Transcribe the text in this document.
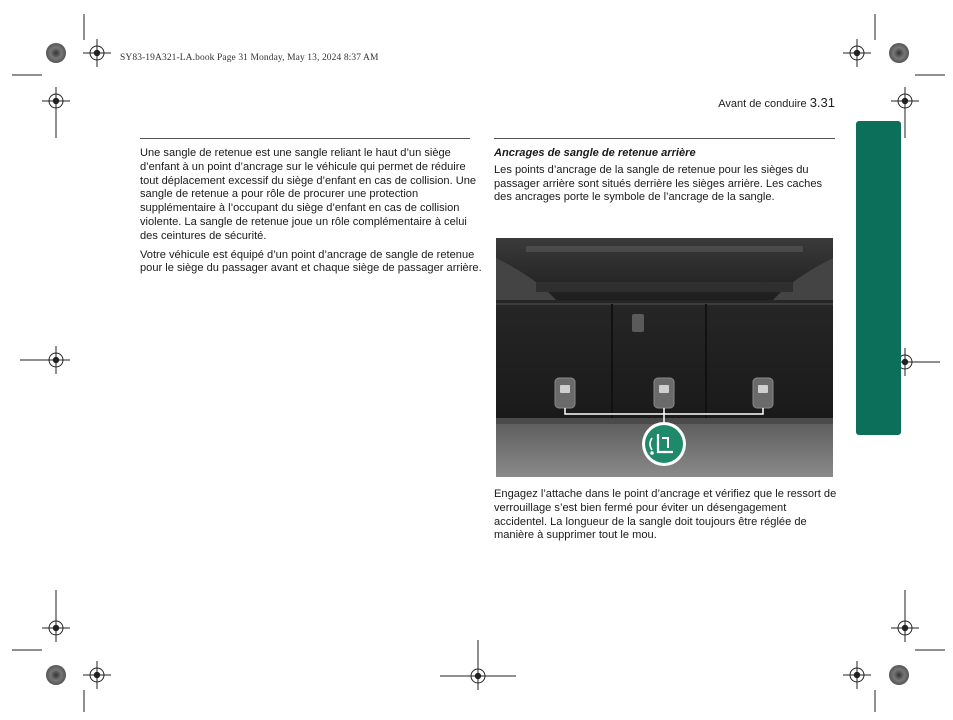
SY83-19A321-LA.book Page 31 Monday, May 13, 2024 8:37 AM
Avant de conduire 3.31

Une sangle de retenue est une sangle reliant le haut d’un siège d’enfant à un point d’ancrage sur le véhicule qui permet de réduire tout déplacement excessif du siège d’enfant en cas de collision. Une sangle de retenue a pour rôle de procurer une protection supplémentaire à l’occupant du siège d’enfant en cas de collision violente. La sangle de retenue joue un rôle complémentaire à celui des ceintures de sécurité.

Votre véhicule est équipé d’un point d’ancrage de sangle de retenue pour le siège du passager avant et chaque siège de passager arrière.

Ancrages de sangle de retenue arrière

Les points d’ancrage de la sangle de retenue pour les sièges du passager arrière sont situés derrière les sièges arrière. Les caches des ancrages porte le symbole de l’ancrage de la sangle.

Engagez l’attache dans le point d’ancrage et vérifiez que le ressort de verrouillage s’est bien fermé pour éviter un désengagement accidentel. La longueur de la sangle doit toujours être réglée de manière à supprimer tout le mou.
